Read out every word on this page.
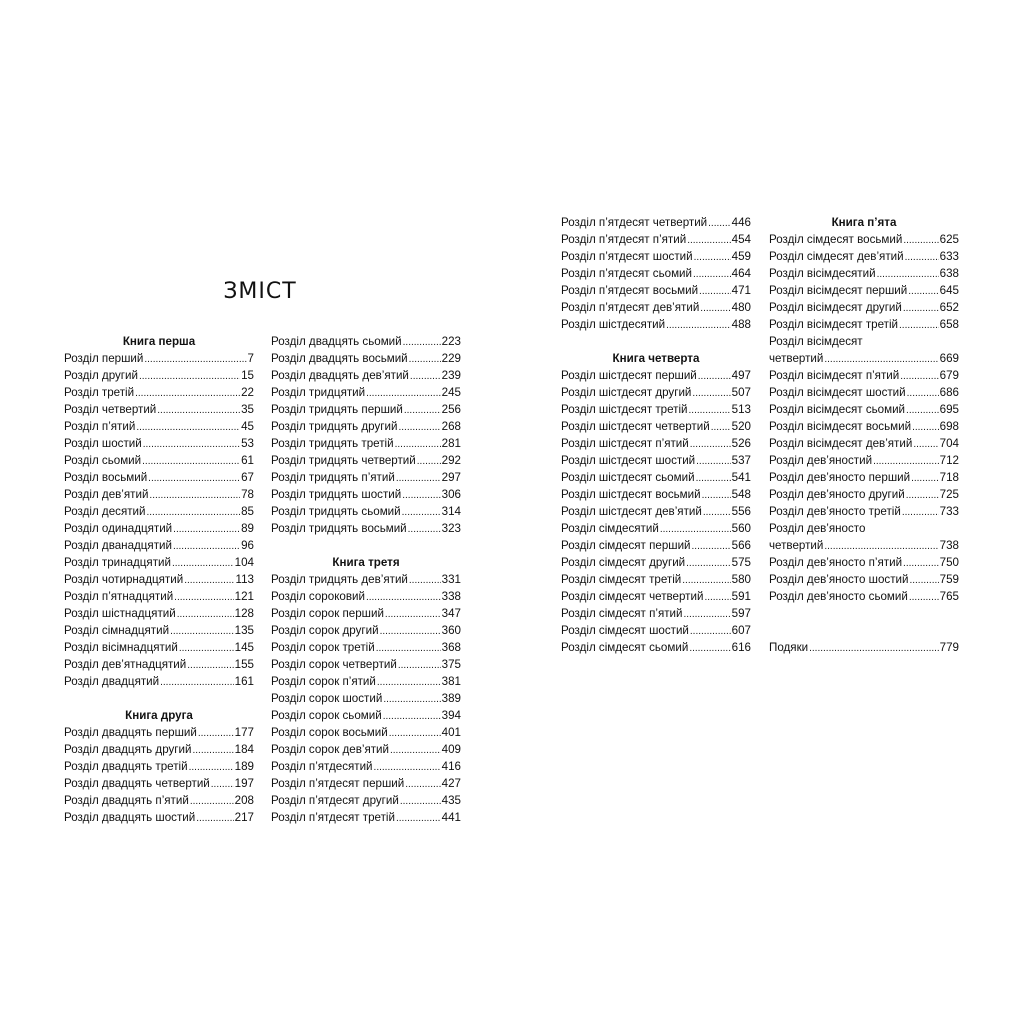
ЗМІСТ
Книга перша
Розділ перший .....	7
Розділ другий .....	15
Розділ третій .....	22
Розділ четвертий .....	35
Розділ п’ятий .....	45
Розділ шостий .....	53
Розділ сьомий .....	61
Розділ восьмий .....	67
Розділ дев’ятий .....	78
Розділ десятий .....	85
Розділ одинадцятий .....	89
Розділ дванадцятий .....	96
Розділ тринадцятий .....	104
Розділ чотирнадцятий .....	113
Розділ п’ятнадцятий .....	121
Розділ шістнадцятий .....	128
Розділ сімнадцятий .....	135
Розділ вісімнадцятий .....	145
Розділ дев’ятнадцятий .....	155
Розділ двадцятий .....	161
Книга друга
Розділ двадцять перший .....	177
Розділ двадцять другий .....	184
Розділ двадцять третій .....	189
Розділ двадцять четвертий ..... 197
Розділ двадцять п’ятий .....	208
Розділ двадцять шостий .....	217
Розділ двадцять сьомий .....	223
Розділ двадцять восьмий .....	229
Розділ двадцять дев’ятий .....	239
Розділ тридцятий .....	245
Розділ тридцять перший .....	256
Розділ тридцять другий .....	268
Розділ тридцять третій .....	281
Розділ тридцять четвертий ..... 292
Розділ тридцять п’ятий .....	297
Розділ тридцять шостий .....	306
Розділ тридцять сьомий .....	314
Розділ тридцять восьмий .....	323
Книга третя
Розділ тридцять дев’ятий .....	331
Розділ сороковий .....	338
Розділ сорок перший .....	347
Розділ сорок другий .....	360
Розділ сорок третій .....	368
Розділ сорок четвертий .....	375
Розділ сорок п’ятий .....	381
Розділ сорок шостий .....	389
Розділ сорок сьомий .....	394
Розділ сорок восьмий .....	401
Розділ сорок дев’ятий .....	409
Розділ п’ятдесятий .....	416
Розділ п’ятдесят перший .....	427
Розділ п’ятдесят другий .....	435
Розділ п’ятдесят третій .....	441
Розділ п’ятдесят четвертий ..... 446
Розділ п’ятдесят п’ятий .....	454
Розділ п’ятдесят шостий .....	459
Розділ п’ятдесят сьомий .....	464
Розділ п’ятдесят восьмий .....	471
Розділ п’ятдесят дев’ятий .....	480
Розділ шістдесятий .....	488
Книга четверта
Розділ шістдесят перший .....	497
Розділ шістдесят другий .....	507
Розділ шістдесят третій .....	513
Розділ шістдесят четвертий ..... 520
Розділ шістдесят п’ятий .....	526
Розділ шістдесят шостий .....	537
Розділ шістдесят сьомий .....	541
Розділ шістдесят восьмий .....	548
Розділ шістдесят дев’ятий .....	556
Розділ сімдесятий .....	560
Розділ сімдесят перший .....	566
Розділ сімдесят другий .....	575
Розділ сімдесят третій .....	580
Розділ сімдесят четвертий ..... 591
Розділ сімдесят п’ятий .....	597
Розділ сімдесят шостий .....	607
Розділ сімдесят сьомий .....	616
Книга п’ята
Розділ сімдесят восьмий .....	625
Розділ сімдесят дев’ятий .....	633
Розділ вісімдесятий .....	638
Розділ вісімдесят перший .....	645
Розділ вісімдесят другий .....	652
Розділ вісімдесят третій .....	658
Розділ вісімдесят
четвертий .....	669
Розділ вісімдесят п’ятий .....	679
Розділ вісімдесят шостий .....	686
Розділ вісімдесят сьомий .....	695
Розділ вісімдесят восьмий ..... 698
Розділ вісімдесят дев’ятий ..... 704
Розділ дев’яностий .....	712
Розділ дев’яносто перший .....	718
Розділ дев’яносто другий .....	725
Розділ дев’яносто третій .....	733
Розділ дев’яносто
четвертий .....	738
Розділ дев’яносто п’ятий .....	750
Розділ дев’яносто шостий .....	759
Розділ дев’яносто сьомий .....	765
Подяки .....	779
